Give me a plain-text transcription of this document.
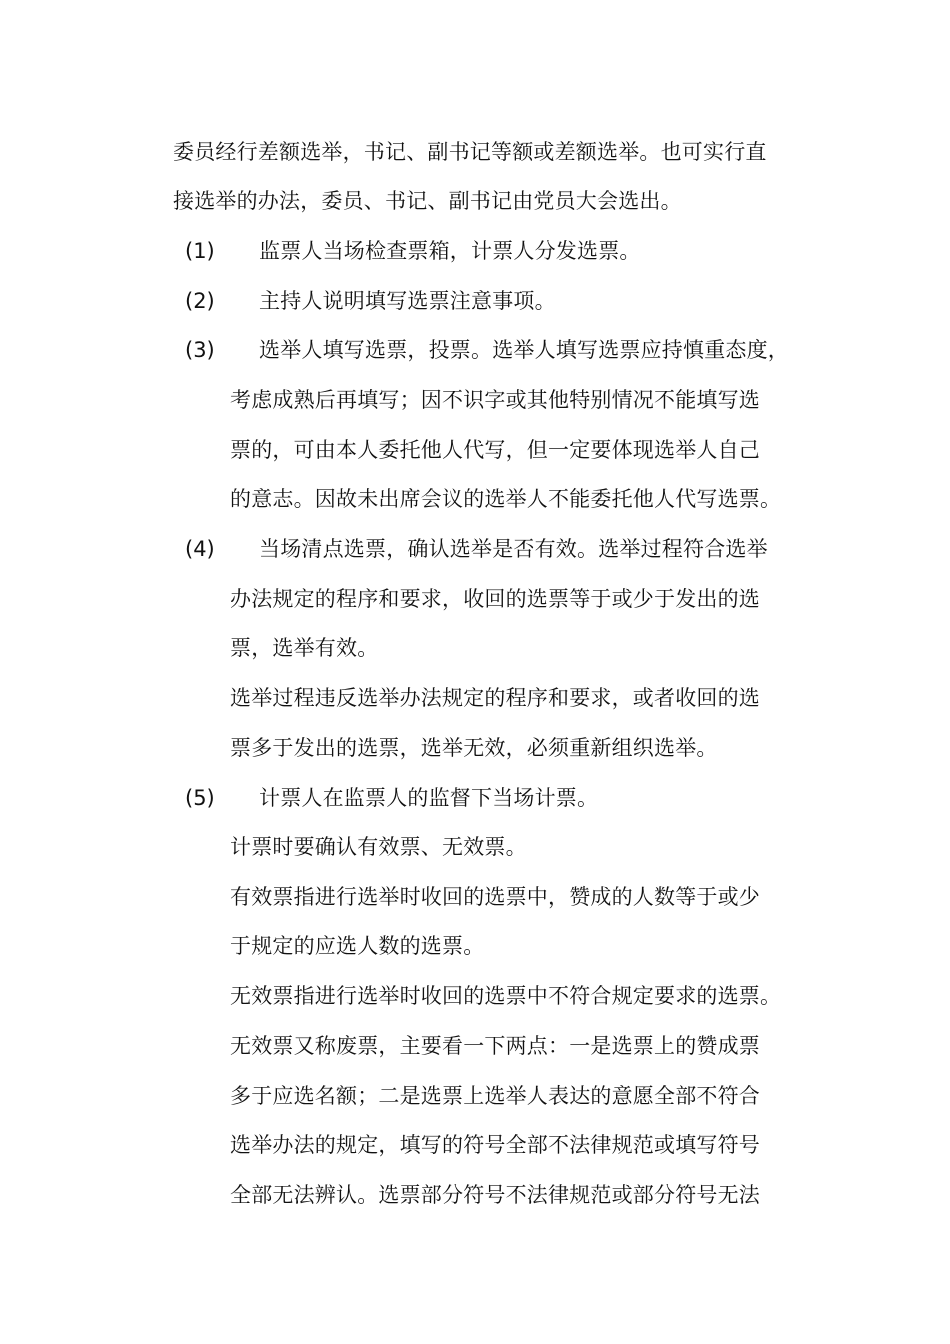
委员经行差额选举，书记、副书记等额或差额选举。也可实行直
接选举的办法，委员、书记、副书记由党员大会选出。
(1) 监票人当场检查票箱，计票人分发选票。
(2) 主持人说明填写选票注意事项。
(3) 选举人填写选票，投票。选举人填写选票应持慎重态度，
考虑成熟后再填写；因不识字或其他特别情况不能填写选
票的，可由本人委托他人代写，但一定要体现选举人自己
的意志。因故未出席会议的选举人不能委托他人代写选票。
(4) 当场清点选票，确认选举是否有效。选举过程符合选举
办法规定的程序和要求，收回的选票等于或少于发出的选
票，选举有效。
选举过程违反选举办法规定的程序和要求，或者收回的选
票多于发出的选票，选举无效，必须重新组织选举。
(5) 计票人在监票人的监督下当场计票。
计票时要确认有效票、无效票。
有效票指进行选举时收回的选票中，赞成的人数等于或少
于规定的应选人数的选票。
无效票指进行选举时收回的选票中不符合规定要求的选票。
无效票又称废票，主要看一下两点：一是选票上的赞成票
多于应选名额；二是选票上选举人表达的意愿全部不符合
选举办法的规定，填写的符号全部不法律规范或填写符号
全部无法辨认。选票部分符号不法律规范或部分符号无法
